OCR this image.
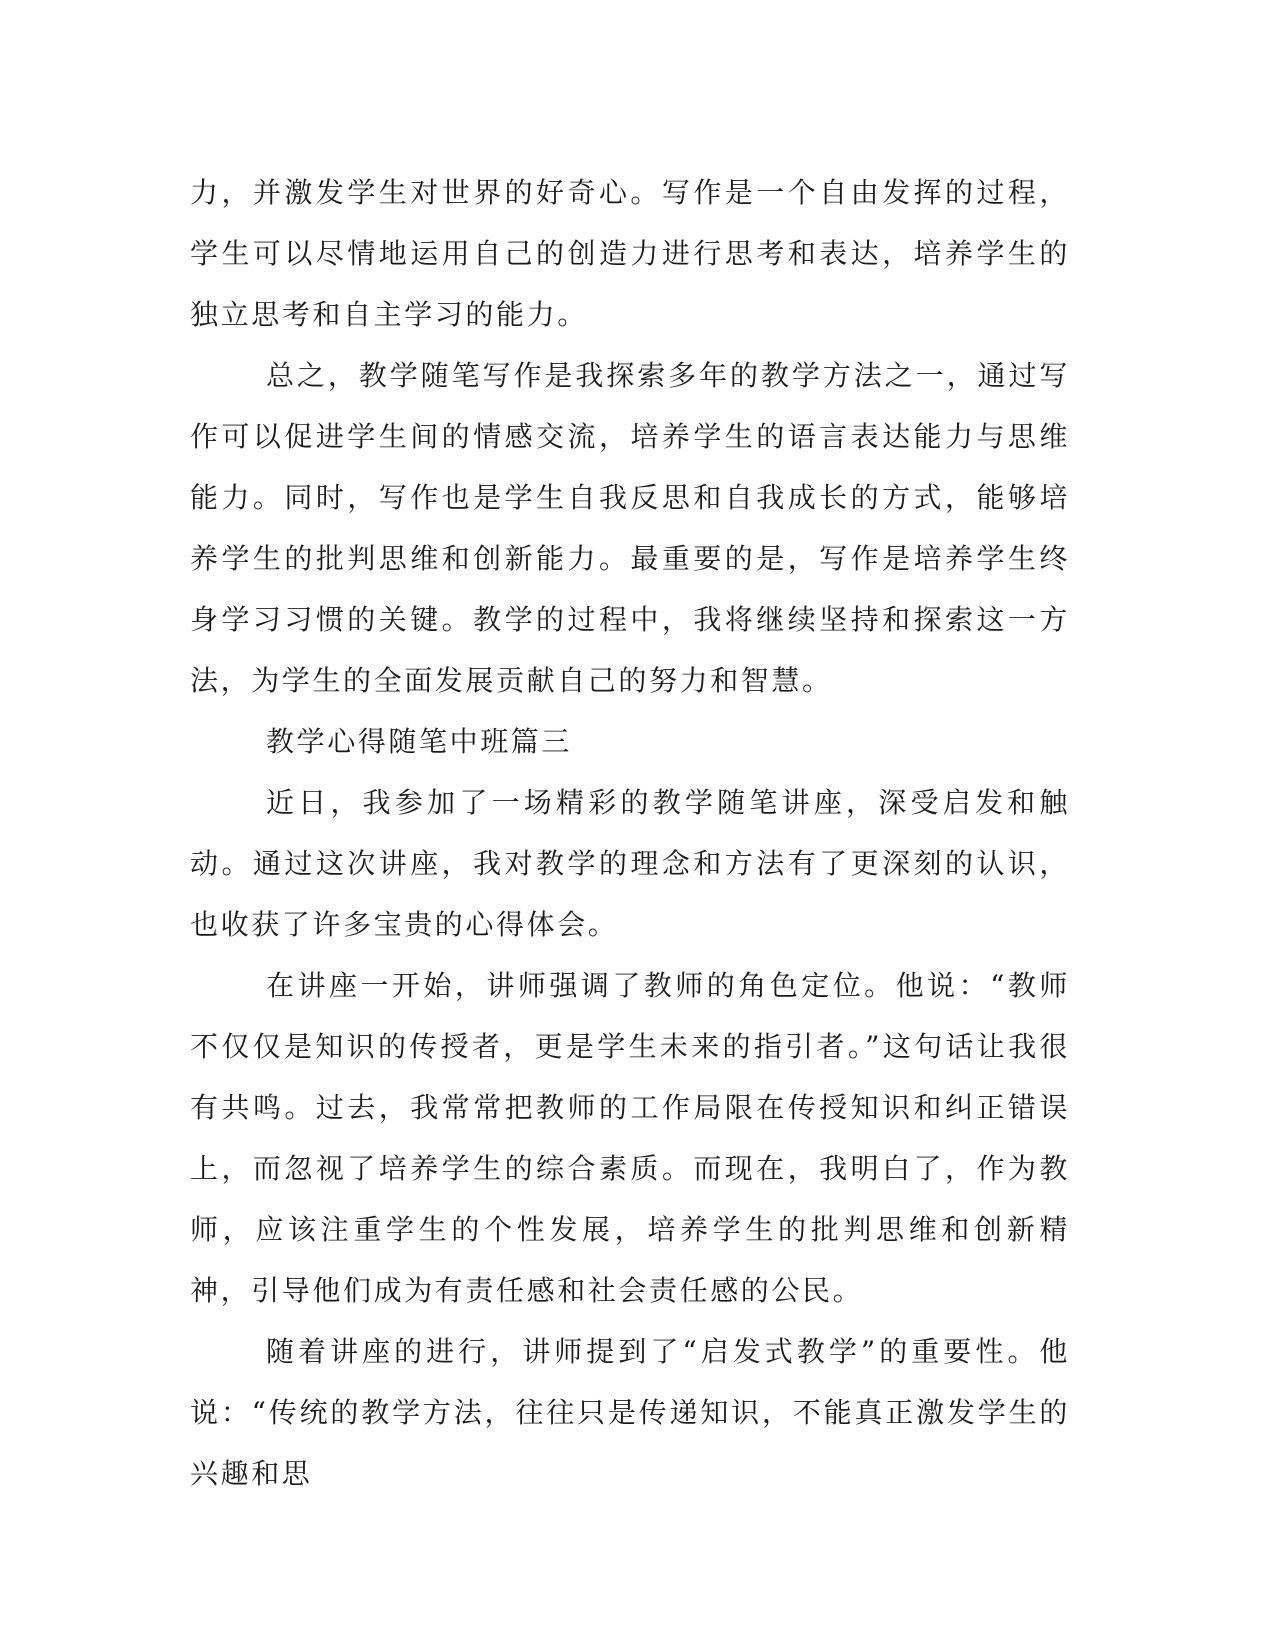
力，并激发学生对世界的好奇心。写作是一个自由发挥的过程，学生可以尽情地运用自己的创造力进行思考和表达，培养学生的独立思考和自主学习的能力。

总之，教学随笔写作是我探索多年的教学方法之一，通过写作可以促进学生间的情感交流，培养学生的语言表达能力与思维能力。同时，写作也是学生自我反思和自我成长的方式，能够培养学生的批判思维和创新能力。最重要的是，写作是培养学生终身学习习惯的关键。教学的过程中，我将继续坚持和探索这一方法，为学生的全面发展贡献自己的努力和智慧。

教学心得随笔中班篇三

近日，我参加了一场精彩的教学随笔讲座，深受启发和触动。通过这次讲座，我对教学的理念和方法有了更深刻的认识，也收获了许多宝贵的心得体会。

在讲座一开始，讲师强调了教师的角色定位。他说：“教师不仅仅是知识的传授者，更是学生未来的指引者。”这句话让我很有共鸣。过去，我常常把教师的工作局限在传授知识和纠正错误上，而忽视了培养学生的综合素质。而现在，我明白了，作为教师，应该注重学生的个性发展，培养学生的批判思维和创新精神，引导他们成为有责任感和社会责任感的公民。

随着讲座的进行，讲师提到了“启发式教学”的重要性。他说：“传统的教学方法，往往只是传递知识，不能真正激发学生的兴趣和思
